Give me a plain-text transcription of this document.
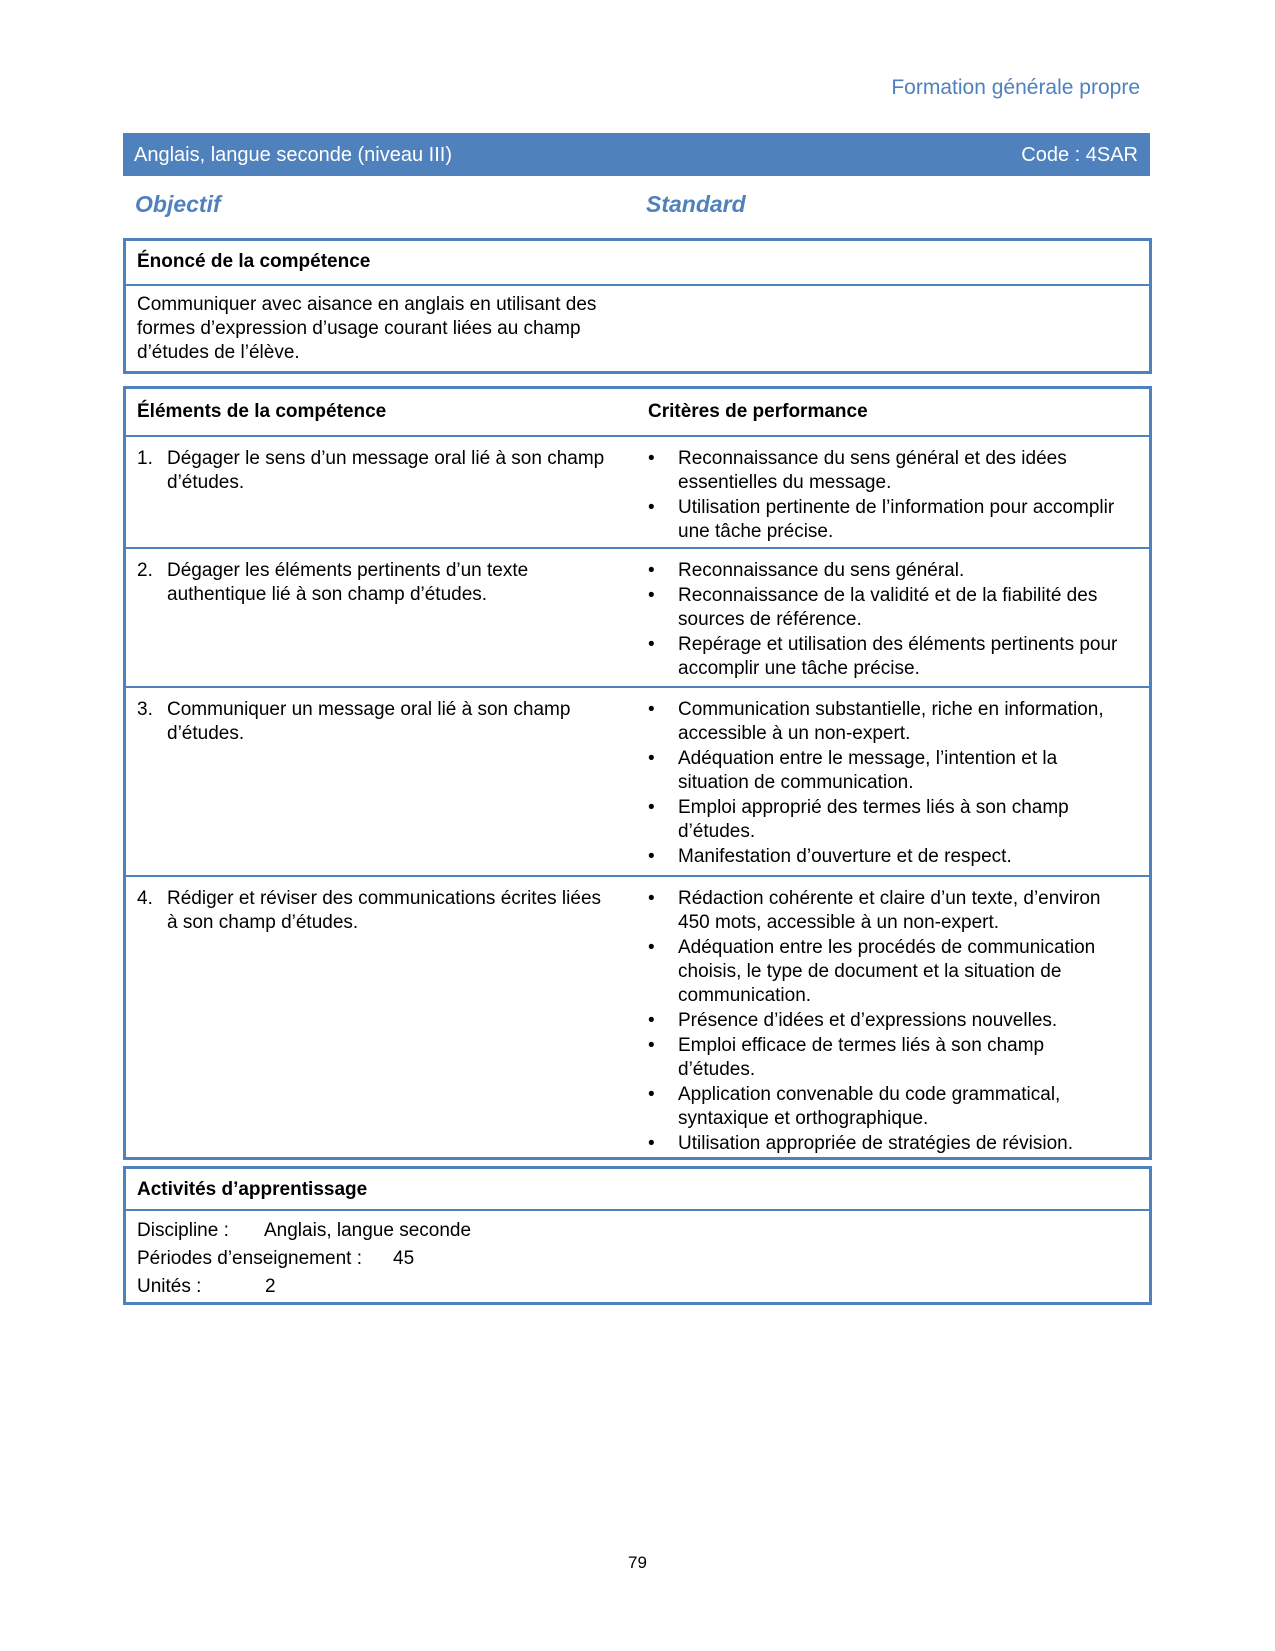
Formation générale propre
Anglais, langue seconde (niveau III)	Code : 4SAR
Objectif	Standard
Énoncé de la compétence
Communiquer avec aisance en anglais en utilisant des formes d’expression d’usage courant liées au champ d’études de l’élève.
Éléments de la compétence	Critères de performance
1. Dégager le sens d’un message oral lié à son champ d’études.
• Reconnaissance du sens général et des idées essentielles du message.
• Utilisation pertinente de l’information pour accomplir une tâche précise.
2. Dégager les éléments pertinents d’un texte authentique lié à son champ d’études.
• Reconnaissance du sens général.
• Reconnaissance de la validité et de la fiabilité des sources de référence.
• Repérage et utilisation des éléments pertinents pour accomplir une tâche précise.
3. Communiquer un message oral lié à son champ d’études.
• Communication substantielle, riche en information, accessible à un non-expert.
• Adéquation entre le message, l’intention et la situation de communication.
• Emploi approprié des termes liés à son champ d’études.
• Manifestation d’ouverture et de respect.
4. Rédiger et réviser des communications écrites liées à son champ d’études.
• Rédaction cohérente et claire d’un texte, d’environ 450 mots, accessible à un non-expert.
• Adéquation entre les procédés de communication choisis, le type de document et la situation de communication.
• Présence d’idées et d’expressions nouvelles.
• Emploi efficace de termes liés à son champ d’études.
• Application convenable du code grammatical, syntaxique et orthographique.
• Utilisation appropriée de stratégies de révision.
Activités d’apprentissage
Discipline : Anglais, langue seconde
Périodes d’enseignement : 45
Unités :	2
79
